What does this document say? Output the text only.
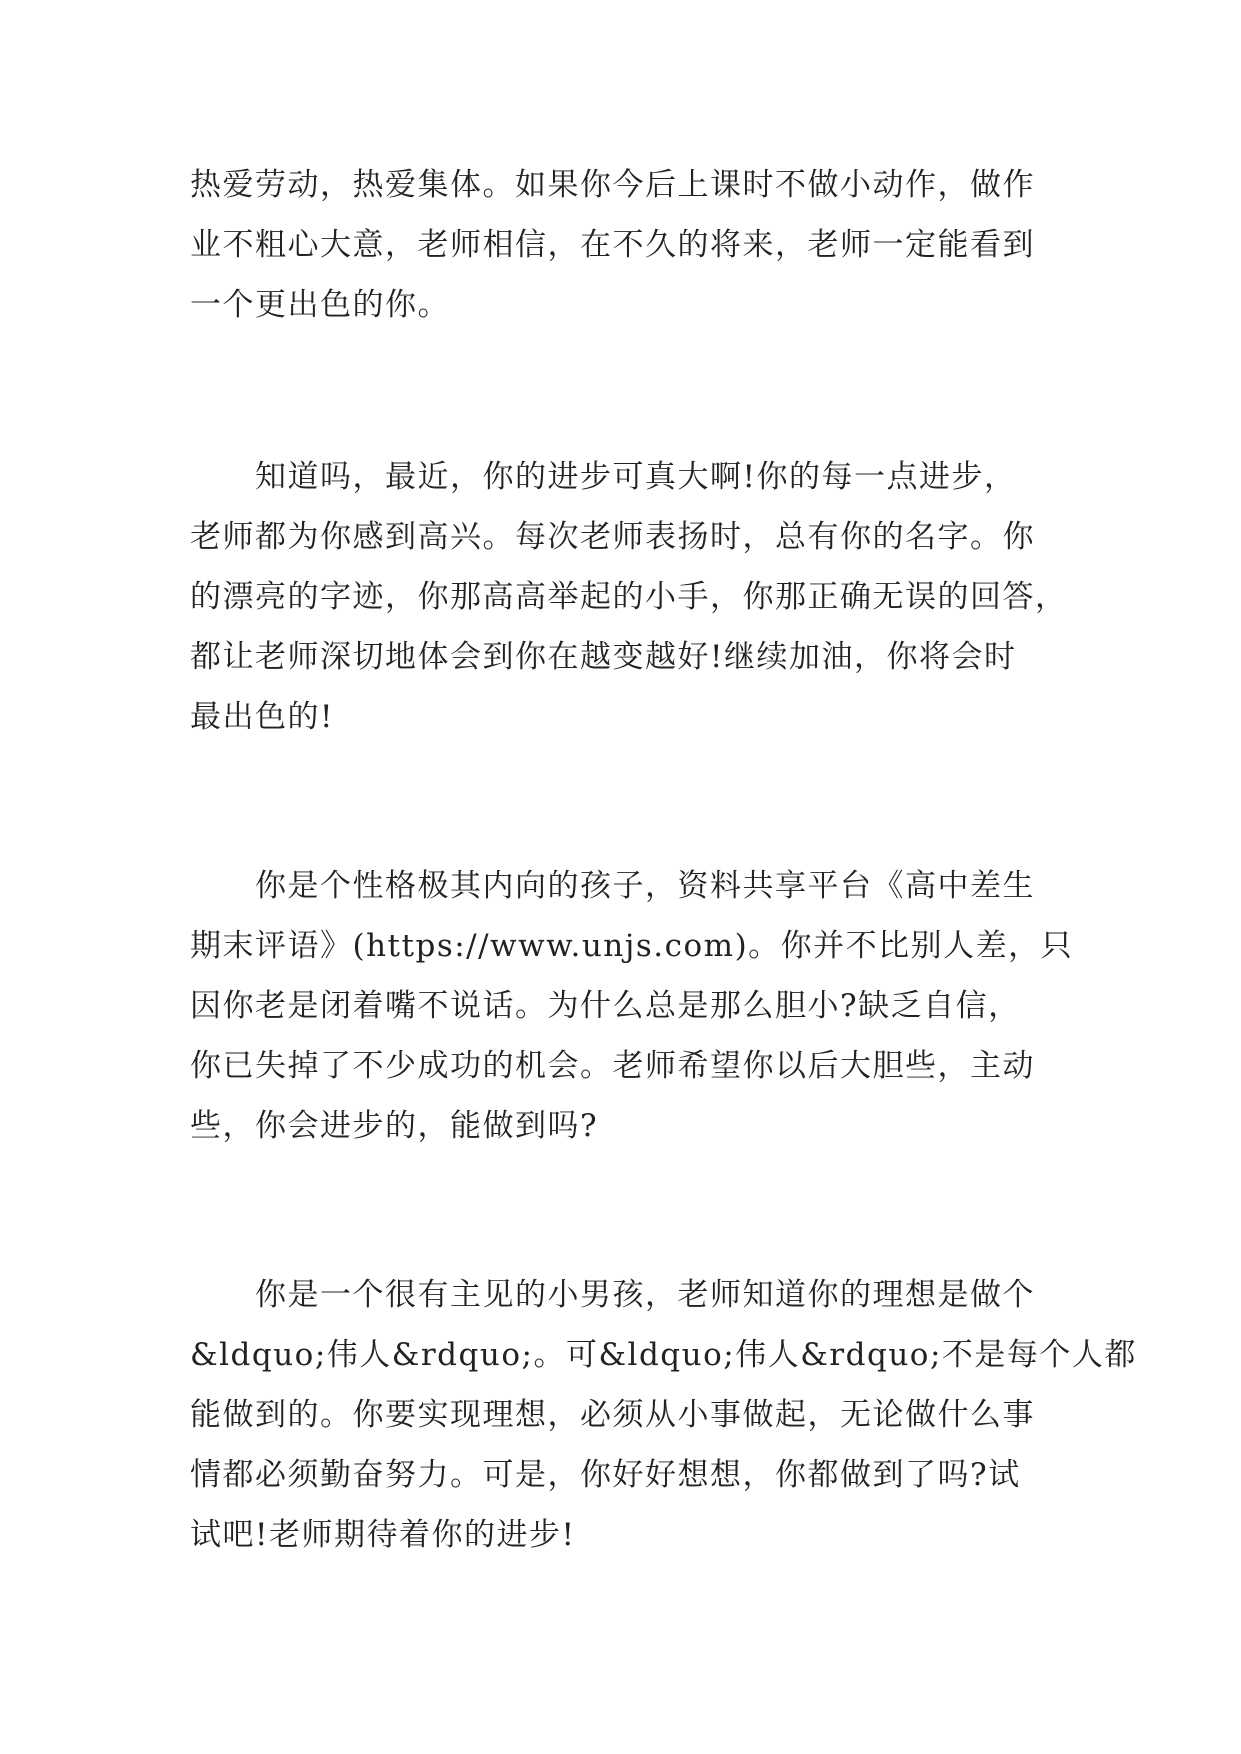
热爱劳动，热爱集体。如果你今后上课时不做小动作，做作
业不粗心大意，老师相信，在不久的将来，老师一定能看到
一个更出色的你。
　　知道吗，最近，你的进步可真大啊!你的每一点进步，
老师都为你感到高兴。每次老师表扬时，总有你的名字。你
的漂亮的字迹，你那高高举起的小手，你那正确无误的回答，
都让老师深切地体会到你在越变越好!继续加油，你将会时
最出色的!
　　你是个性格极其内向的孩子，资料共享平台《高中差生
期末评语》(https://www.unjs.com)。你并不比别人差，只
因你老是闭着嘴不说话。为什么总是那么胆小?缺乏自信，
你已失掉了不少成功的机会。老师希望你以后大胆些，主动
些，你会进步的，能做到吗?
　　你是一个很有主见的小男孩，老师知道你的理想是做个
&ldquo;伟人&rdquo;。可&ldquo;伟人&rdquo;不是每个人都
能做到的。你要实现理想，必须从小事做起，无论做什么事
情都必须勤奋努力。可是，你好好想想，你都做到了吗?试
试吧!老师期待着你的进步!
